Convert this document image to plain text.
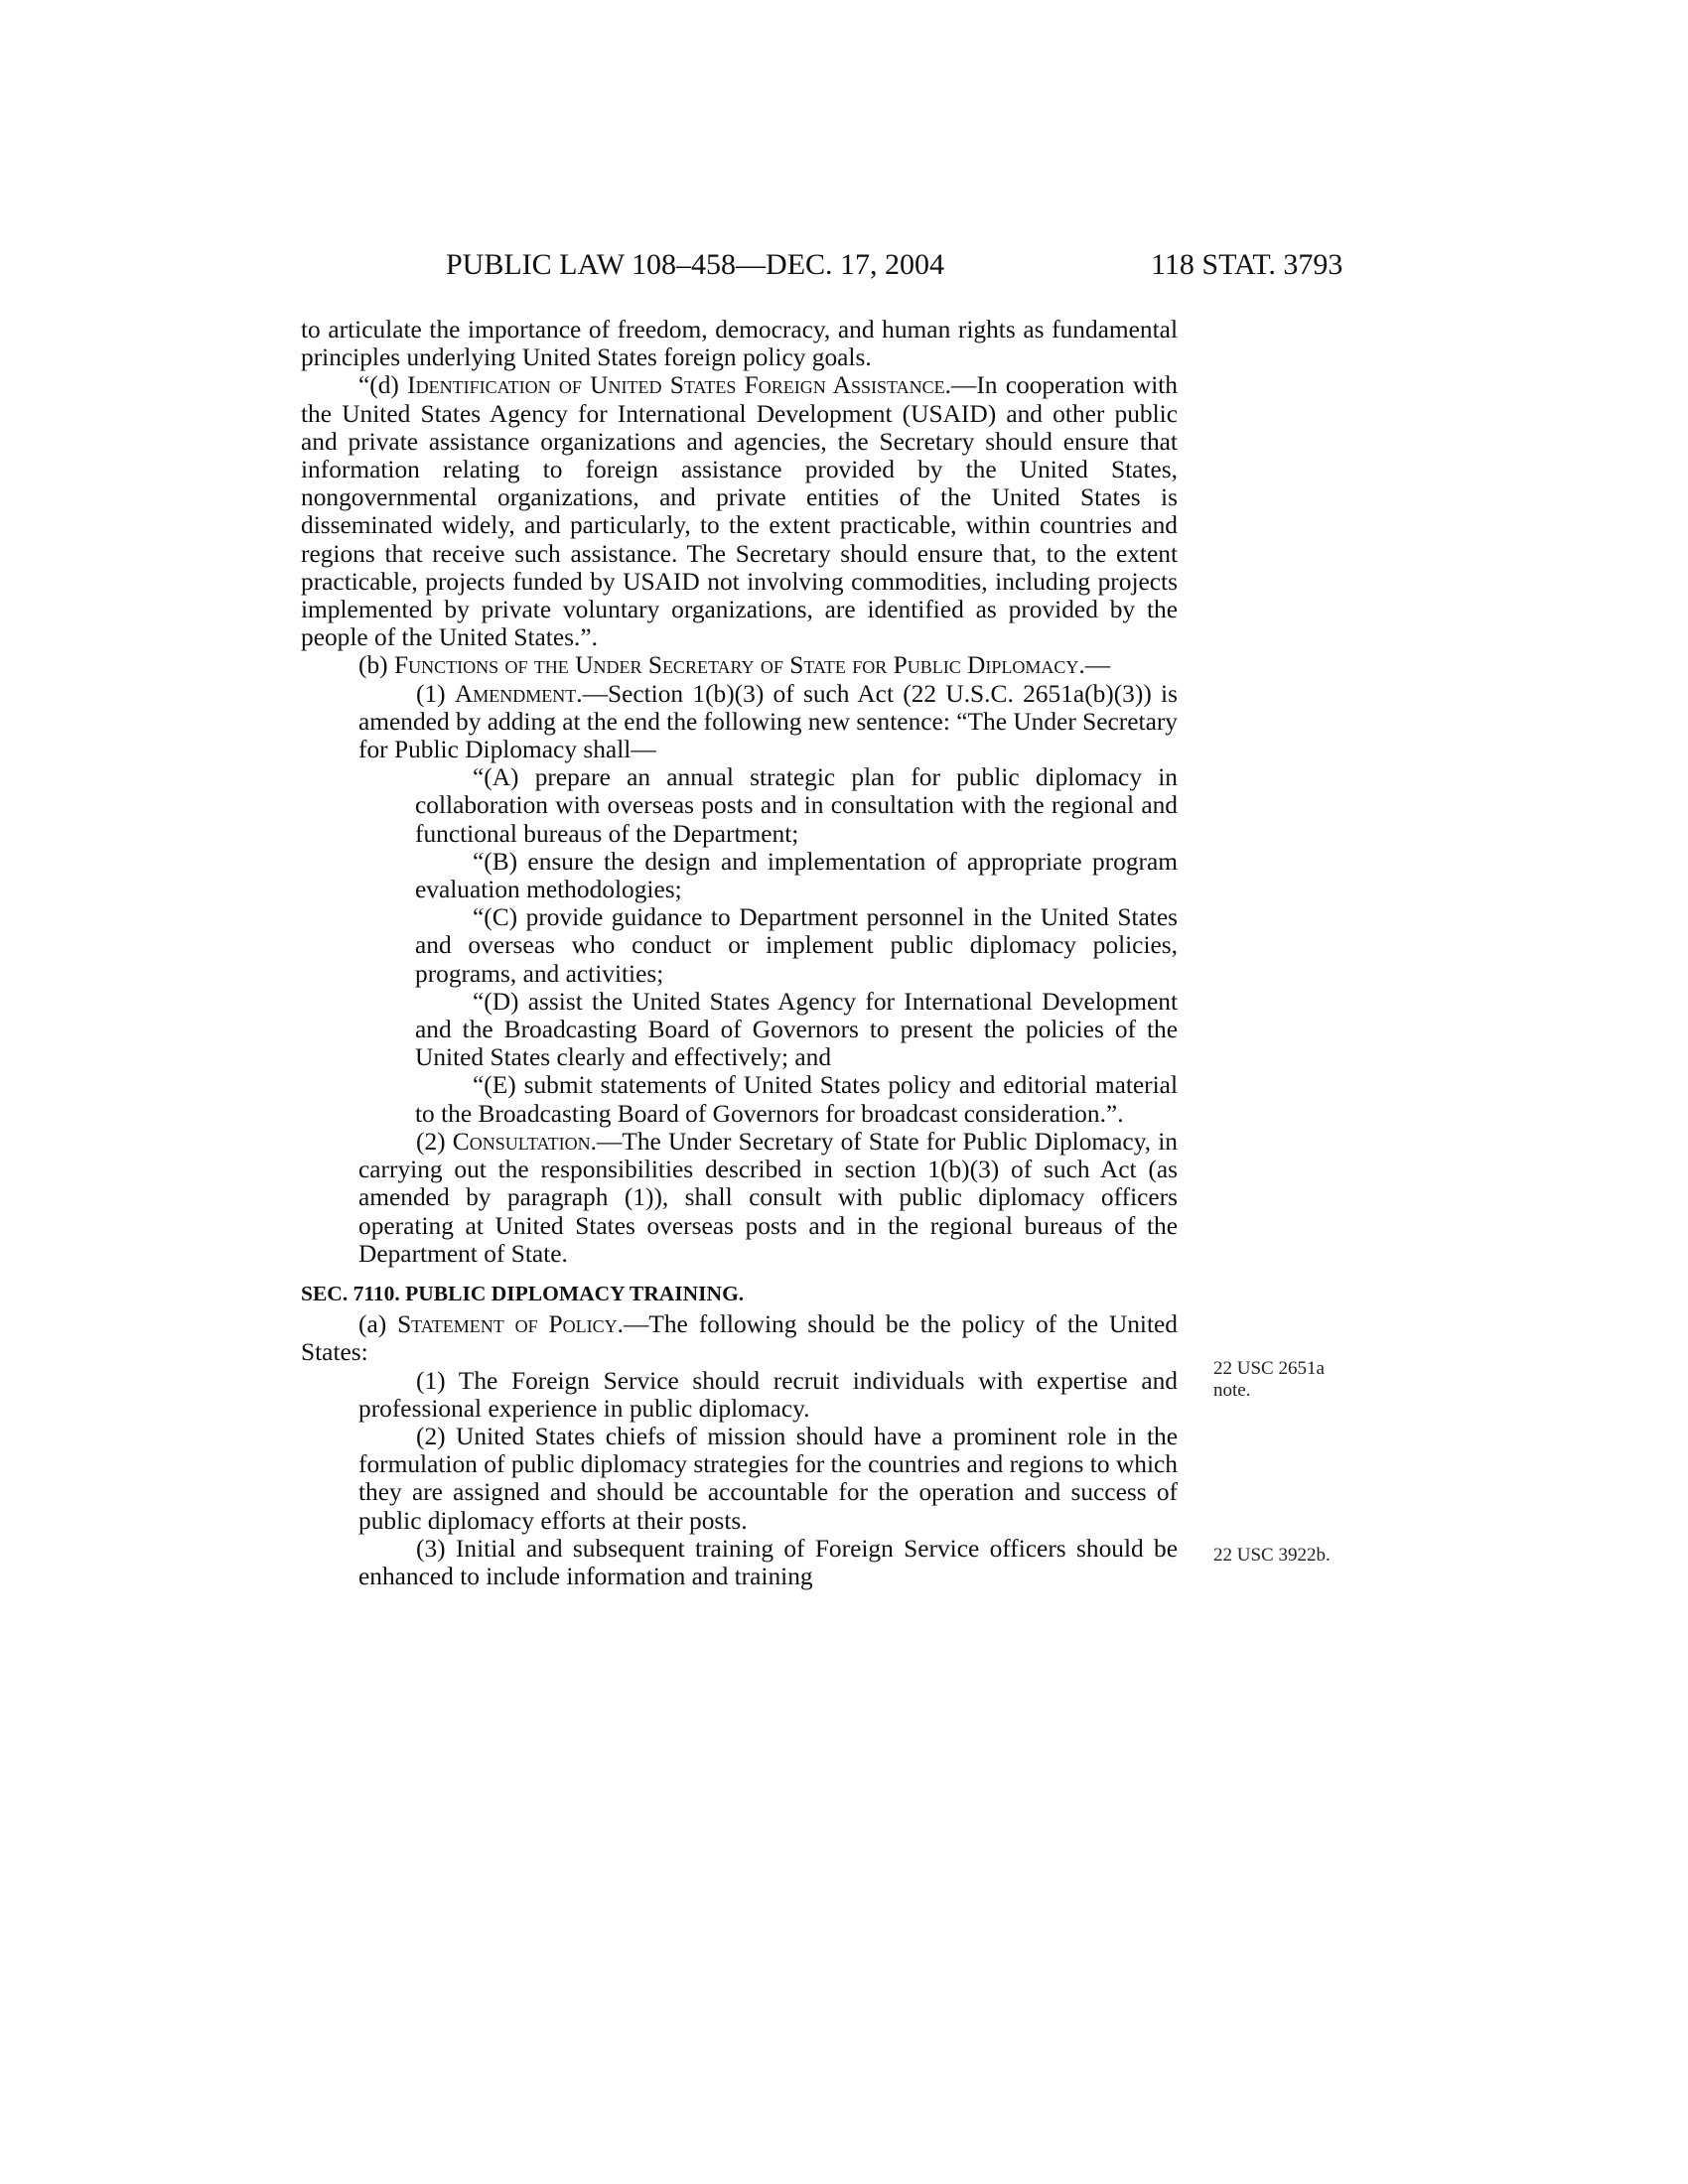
PUBLIC LAW 108–458—DEC. 17, 2004	118 STAT. 3793

to articulate the importance of freedom, democracy, and human rights as fundamental principles underlying United States foreign policy goals.

“(d) Identification of United States Foreign Assistance.—In cooperation with the United States Agency for International Development (USAID) and other public and private assistance organizations and agencies, the Secretary should ensure that information relating to foreign assistance provided by the United States, nongovernmental organizations, and private entities of the United States is disseminated widely, and particularly, to the extent practicable, within countries and regions that receive such assistance. The Secretary should ensure that, to the extent practicable, projects funded by USAID not involving commodities, including projects implemented by private voluntary organizations, are identified as provided by the people of the United States.”.

(b) Functions of the Under Secretary of State for Public Diplomacy.—

(1) Amendment.—Section 1(b)(3) of such Act (22 U.S.C. 2651a(b)(3)) is amended by adding at the end the following new sentence: “The Under Secretary for Public Diplomacy shall—

“(A) prepare an annual strategic plan for public diplomacy in collaboration with overseas posts and in consultation with the regional and functional bureaus of the Department;

“(B) ensure the design and implementation of appropriate program evaluation methodologies;

“(C) provide guidance to Department personnel in the United States and overseas who conduct or implement public diplomacy policies, programs, and activities;

“(D) assist the United States Agency for International Development and the Broadcasting Board of Governors to present the policies of the United States clearly and effectively; and

“(E) submit statements of United States policy and editorial material to the Broadcasting Board of Governors for broadcast consideration.”.

(2) Consultation.—The Under Secretary of State for Public Diplomacy, in carrying out the responsibilities described in section 1(b)(3) of such Act (as amended by paragraph (1)), shall consult with public diplomacy officers operating at United States overseas posts and in the regional bureaus of the Department of State.

SEC. 7110. PUBLIC DIPLOMACY TRAINING.

(a) Statement of Policy.—The following should be the policy of the United States:

(1) The Foreign Service should recruit individuals with expertise and professional experience in public diplomacy.

(2) United States chiefs of mission should have a prominent role in the formulation of public diplomacy strategies for the countries and regions to which they are assigned and should be accountable for the operation and success of public diplomacy efforts at their posts.

(3) Initial and subsequent training of Foreign Service officers should be enhanced to include information and training

22 USC 2651a
note.
22 USC 3922b.
